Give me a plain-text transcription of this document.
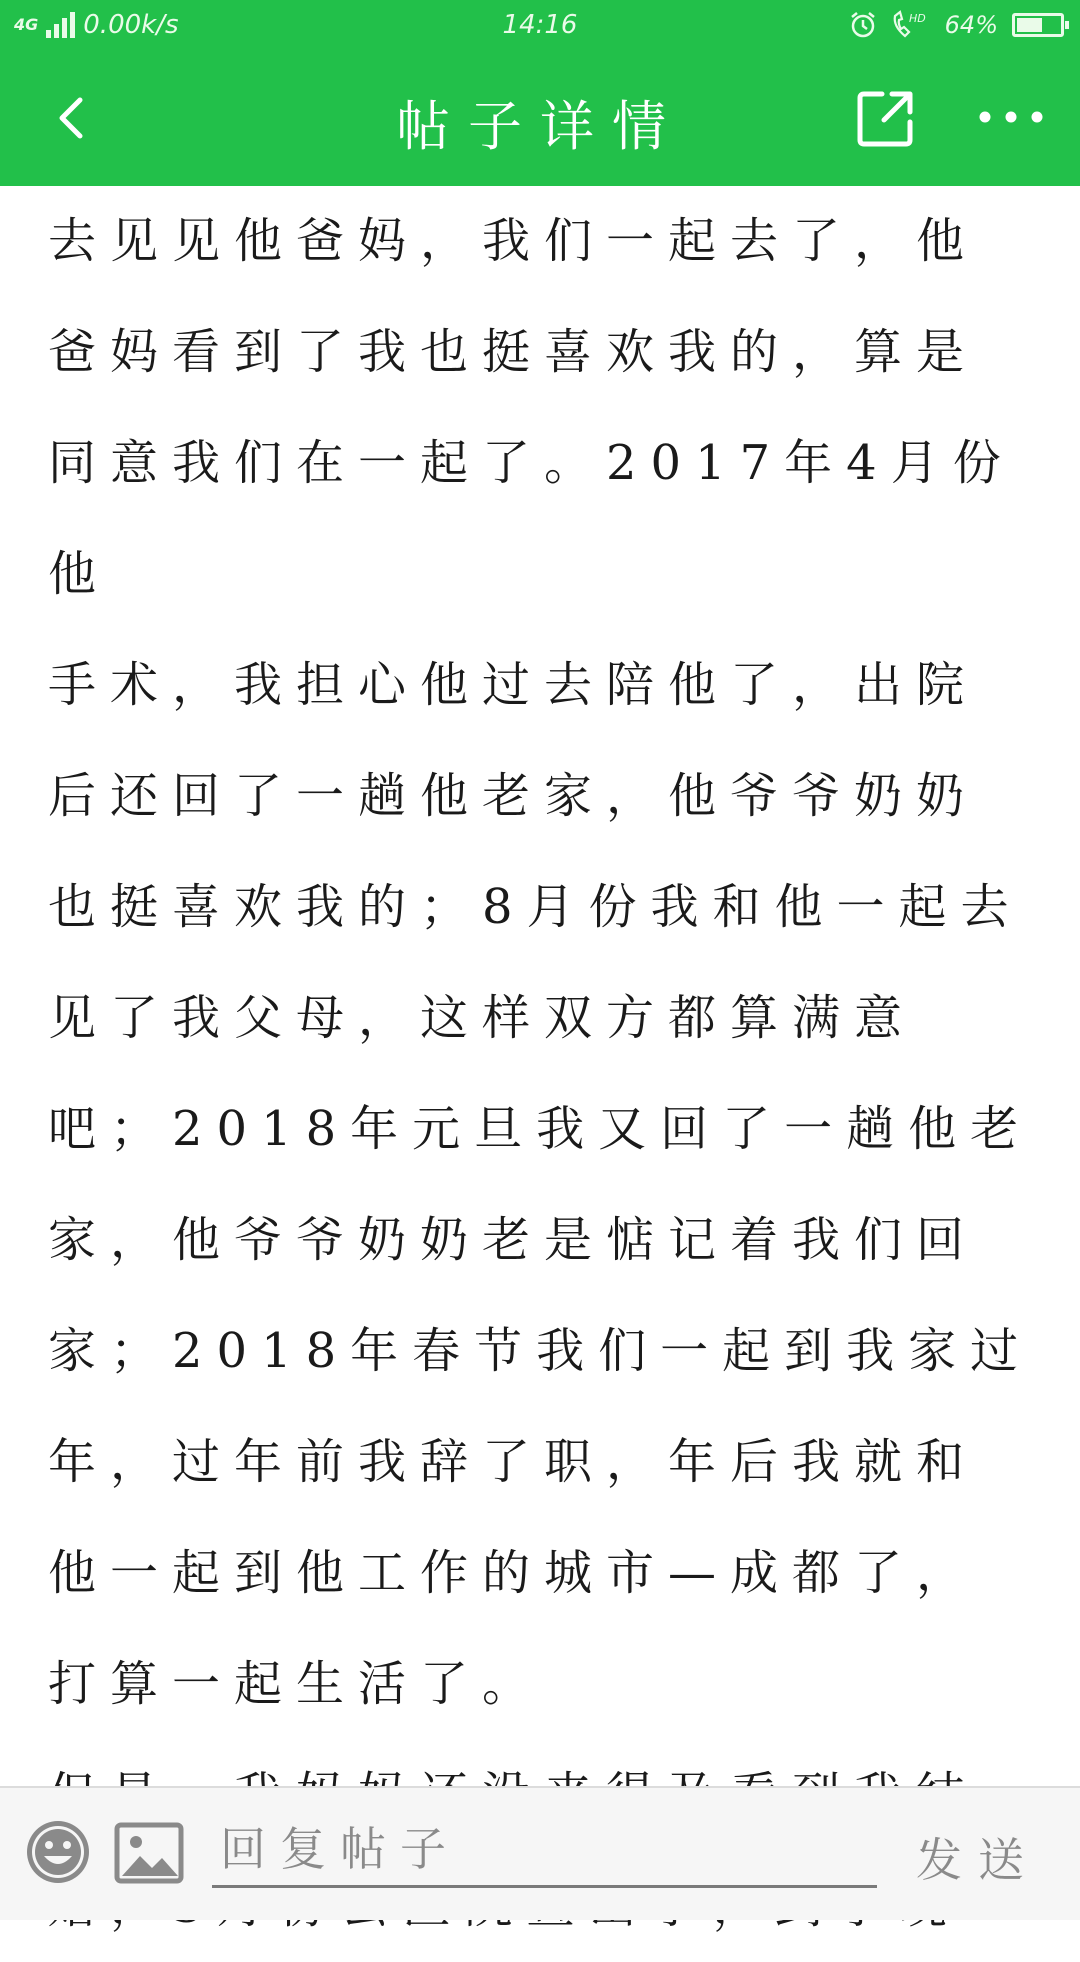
4G 0.00k/s	14:16	HD 64%
帖子详情

去见见他爸妈，我们一起去了，他

爸妈看到了我也挺喜欢我的，算是

同意我们在一起了。2017年4月份他

手术，我担心他过去陪他了，出院

后还回了一趟他老家，他爷爷奶奶

也挺喜欢我的；8月份我和他一起去

见了我父母，这样双方都算满意

吧；2018年元旦我又回了一趟他老

家，他爷爷奶奶老是惦记着我们回

家；2018年春节我们一起到我家过

年，过年前我辞了职，年后我就和

他一起到他工作的城市—成都了，

打算一起生活了。

回复帖子
发送
